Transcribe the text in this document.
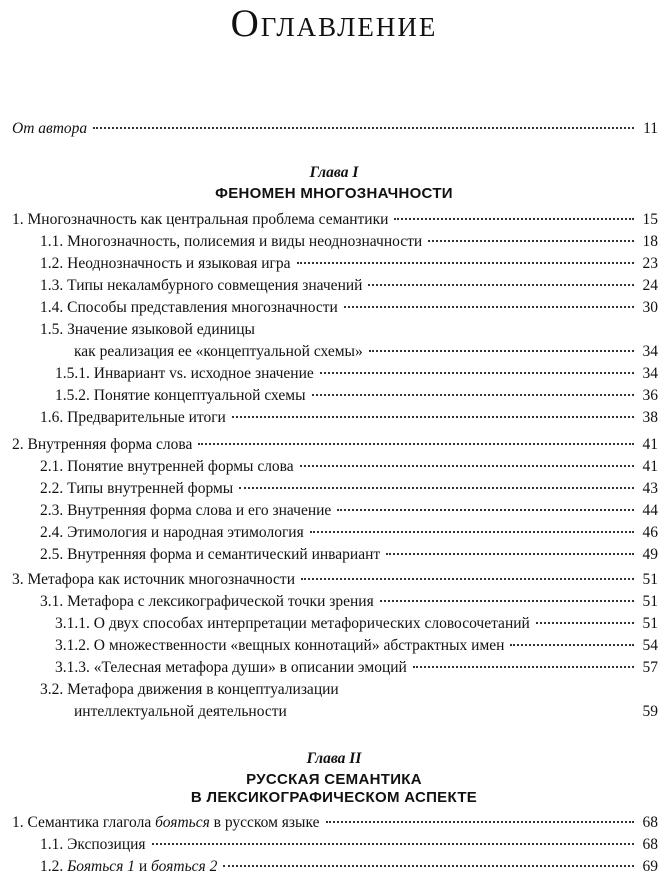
Оглавление
От автора	11
Глава I
ФЕНОМЕН МНОГОЗНАЧНОСТИ
1. Многозначность как центральная проблема семантики	15
1.1. Многозначность, полисемия и виды неоднозначности	18
1.2. Неоднозначность и языковая игра	23
1.3. Типы некаламбурного совмещения значений	24
1.4. Способы представления многозначности	30
1.5. Значение языковой единицы
как реализация ее «концептуальной схемы»	34
1.5.1. Инвариант vs. исходное значение	34
1.5.2. Понятие концептуальной схемы	36
1.6. Предварительные итоги	38
2. Внутренняя форма слова	41
2.1. Понятие внутренней формы слова	41
2.2. Типы внутренней формы	43
2.3. Внутренняя форма слова и его значение	44
2.4. Этимология и народная этимология	46
2.5. Внутренняя форма и семантический инвариант	49
3. Метафора как источник многозначности	51
3.1. Метафора с лексикографической точки зрения	51
3.1.1. О двух способах интерпретации метафорических словосочетаний	51
3.1.2. О множественности «вещных коннотаций» абстрактных имен	54
3.1.3. «Телесная метафора души» в описании эмоций	57
3.2. Метафора движения в концептуализации
интеллектуальной деятельности	59
Глава II
РУССКАЯ СЕМАНТИКА
В ЛЕКСИКОГРАФИЧЕСКОМ АСПЕКТЕ
1. Семантика глагола бояться в русском языке	68
1.1. Экспозиция	68
1.2. Бояться 1 и бояться 2	69
